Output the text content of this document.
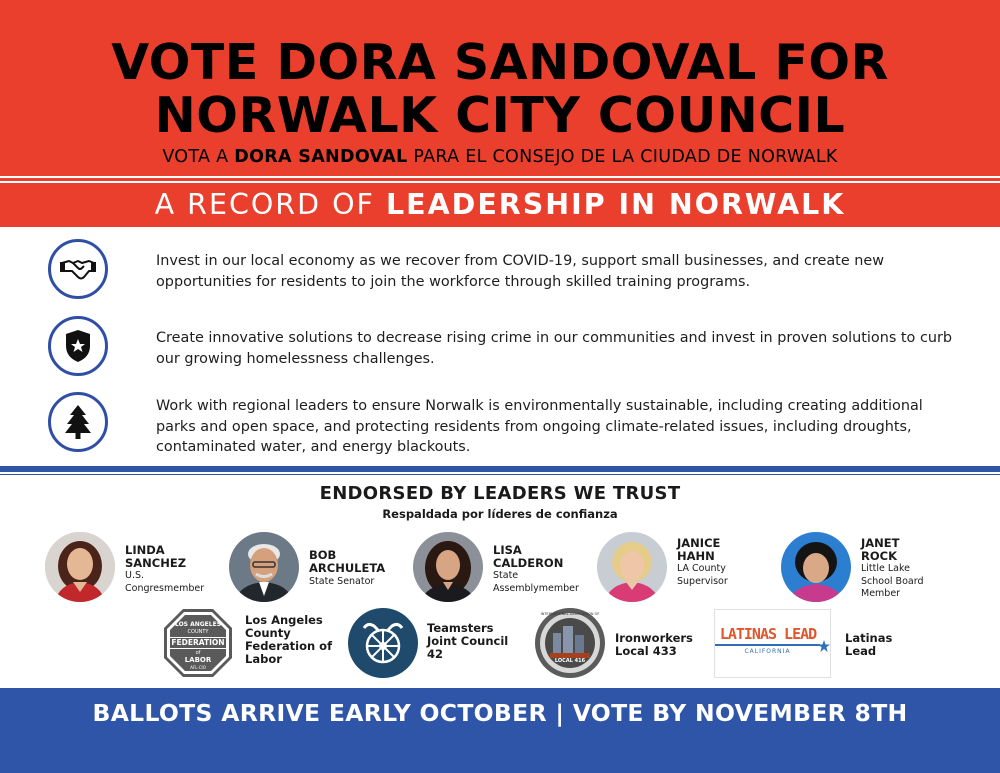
VOTE DORA SANDOVAL FOR
NORWALK CITY COUNCIL
VOTA A DORA SANDOVAL PARA EL CONSEJO DE LA CIUDAD DE NORWALK
A RECORD OF LEADERSHIP IN NORWALK
Invest in our local economy as we recover from COVID-19, support small businesses, and create new opportunities for residents to join the workforce through skilled training programs.
Create innovative solutions to decrease rising crime in our communities and invest in proven solutions to curb our growing homelessness challenges.
Work with regional leaders to ensure Norwalk is environmentally sustainable, including creating additional parks and open space, and protecting residents from ongoing climate-related issues, including droughts, contaminated water, and energy blackouts.
ENDORSED BY LEADERS WE TRUST
Respaldada por líderes de confianza
LINDA
SANCHEZ
U.S.
Congresmember
BOB
ARCHULETA
State Senator
LISA
CALDERON
State
Assemblymember
JANICE
HAHN
LA County
Supervisor
JANET
ROCK
Little Lake
School Board
Member
LOS ANGELES
COUNTY
FEDERATION
of
LABOR
AFL-CIO
Los Angeles
County
Federation of
Labor
Teamsters
Joint Council
42	LOCAL 416
INTERNATIONAL ASSOCIATION OF
Ironworkers
Local 433
LATINAS LEAD
CALIFORNIA
Latinas
Lead
BALLOTS ARRIVE EARLY OCTOBER | VOTE BY NOVEMBER 8TH
